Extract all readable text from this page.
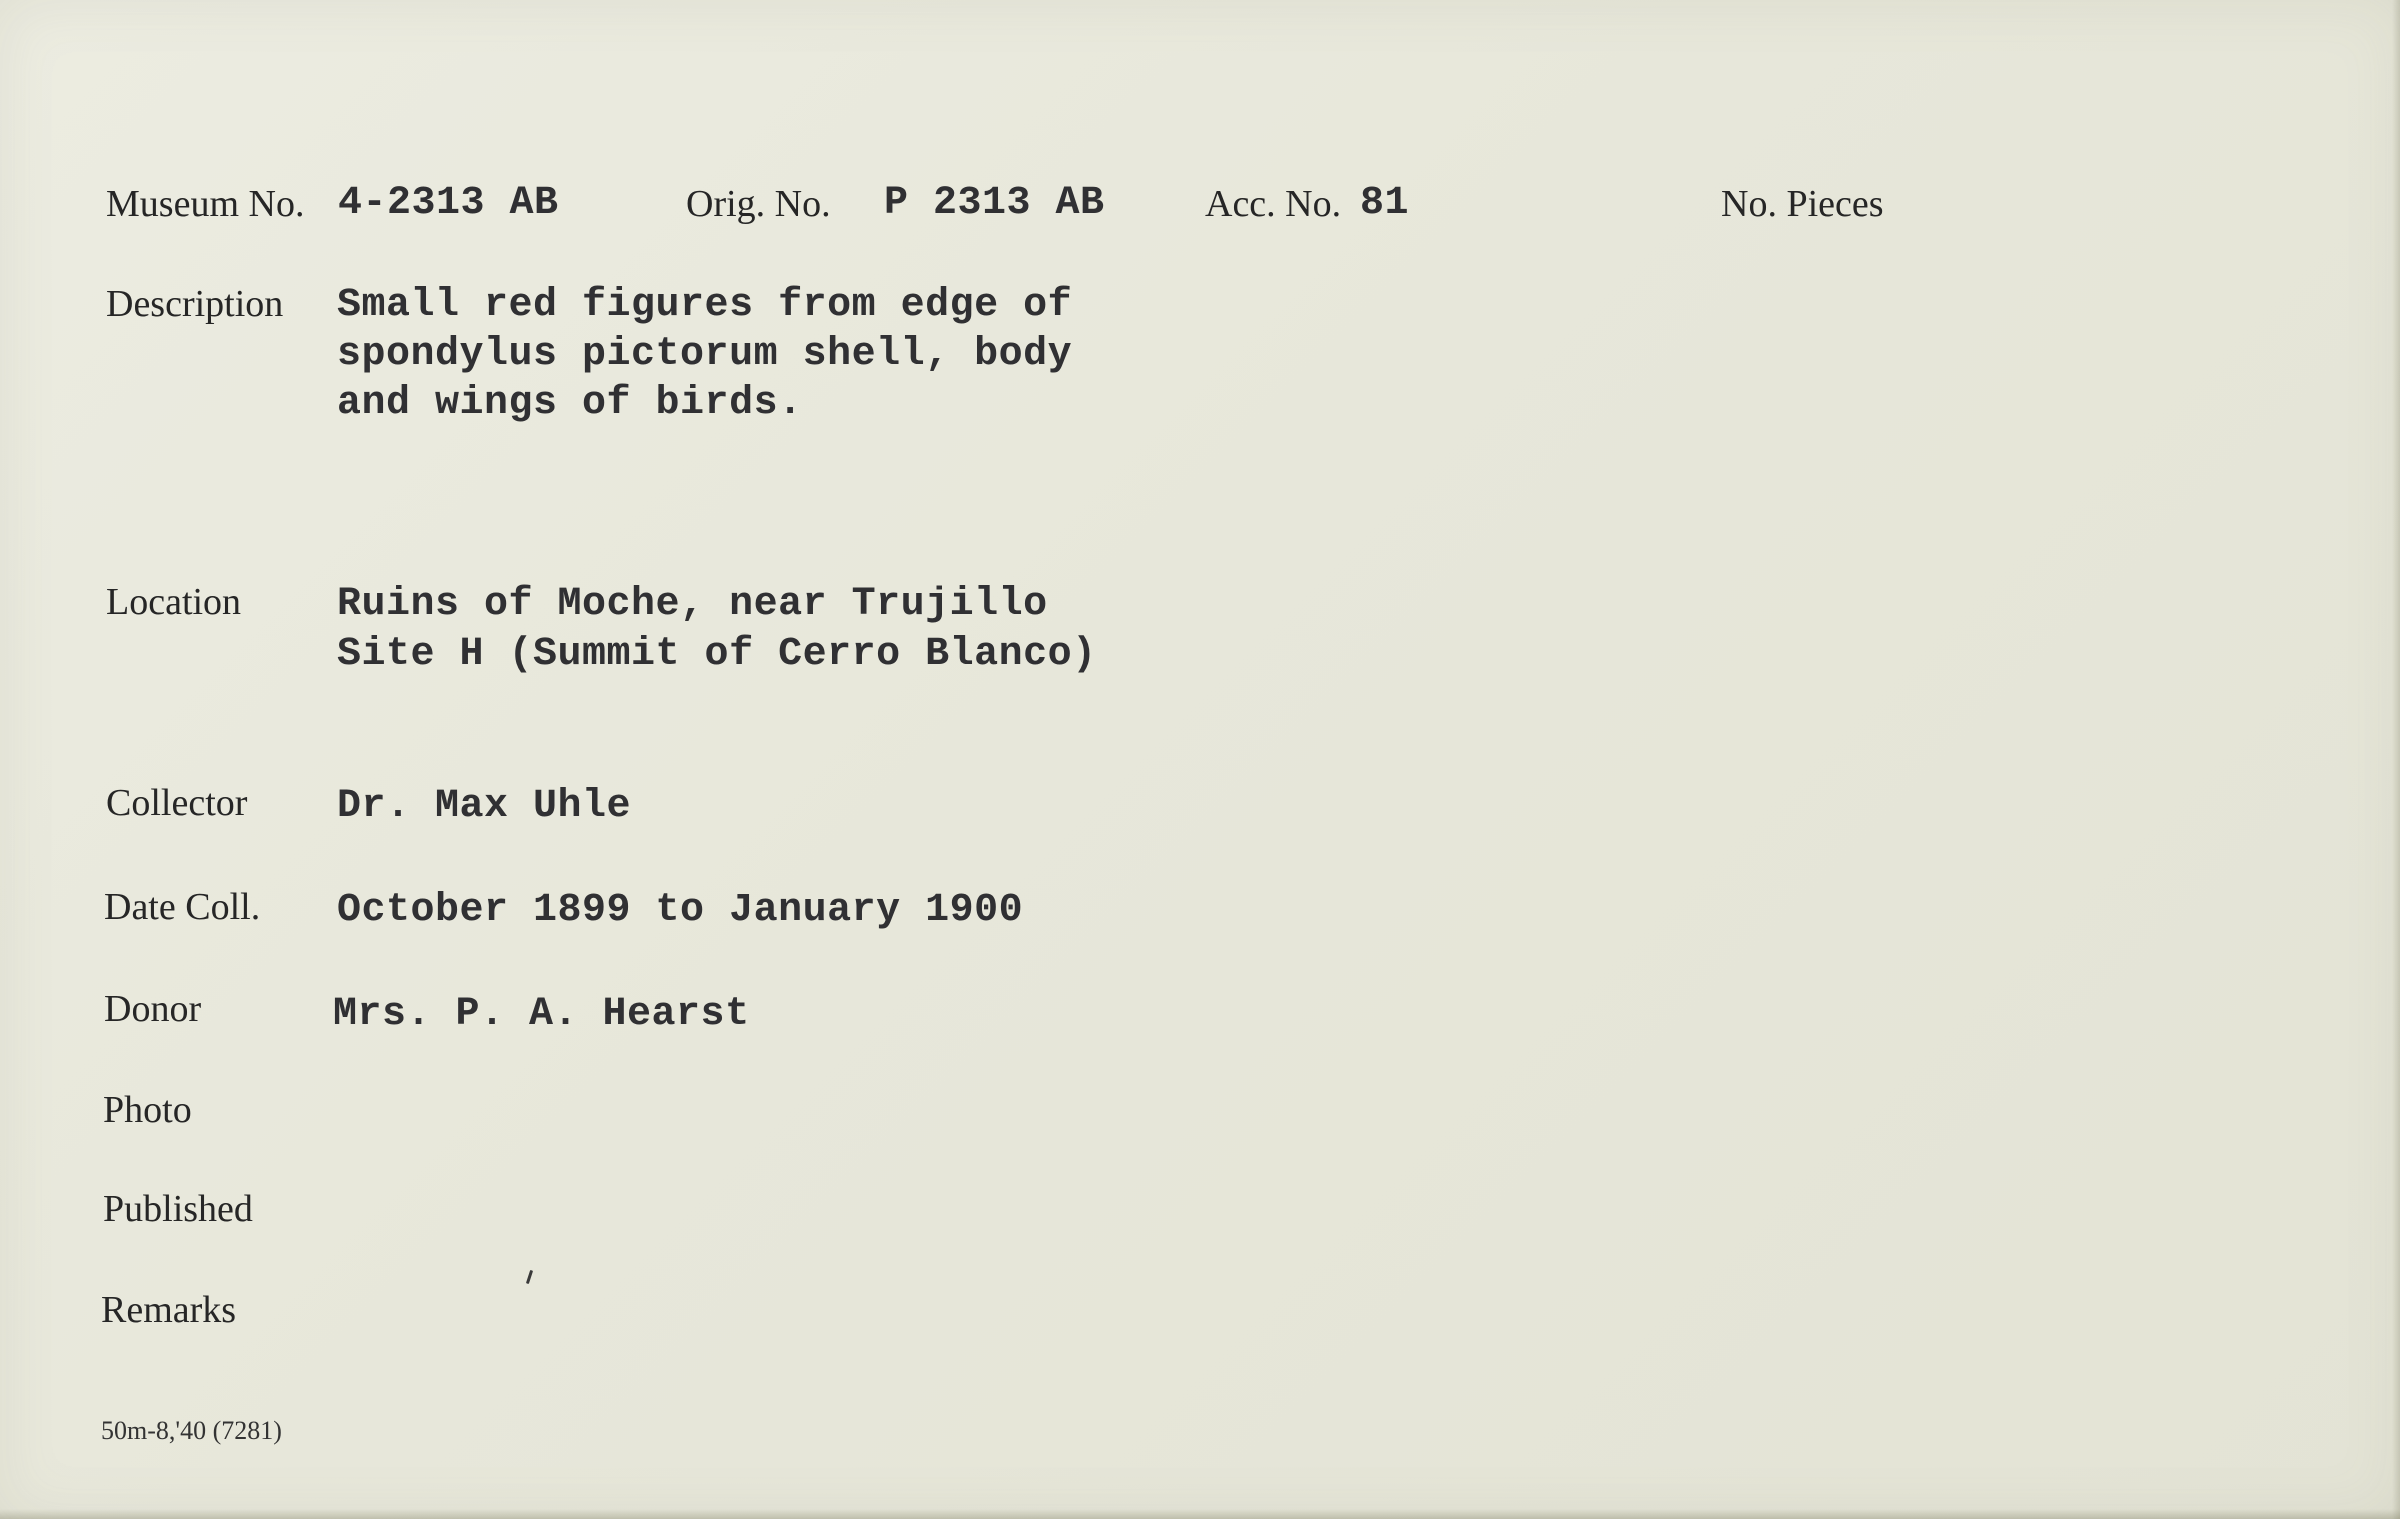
Museum No. 4-2313 AB	Orig. No. P 2313 AB	Acc. No. 81	No. Pieces
Description Small red figures from edge of
spondylus pictorum shell, body
and wings of birds.
Location Ruins of Moche, near Trujillo
Site H (Summit of Cerro Blanco)
Collector Dr. Max Uhle
Date Coll. October 1899 to January 1900
Donor	Mrs. P. A. Hearst
Photo
Published
Remarks
50m-8,'40 (7281)
